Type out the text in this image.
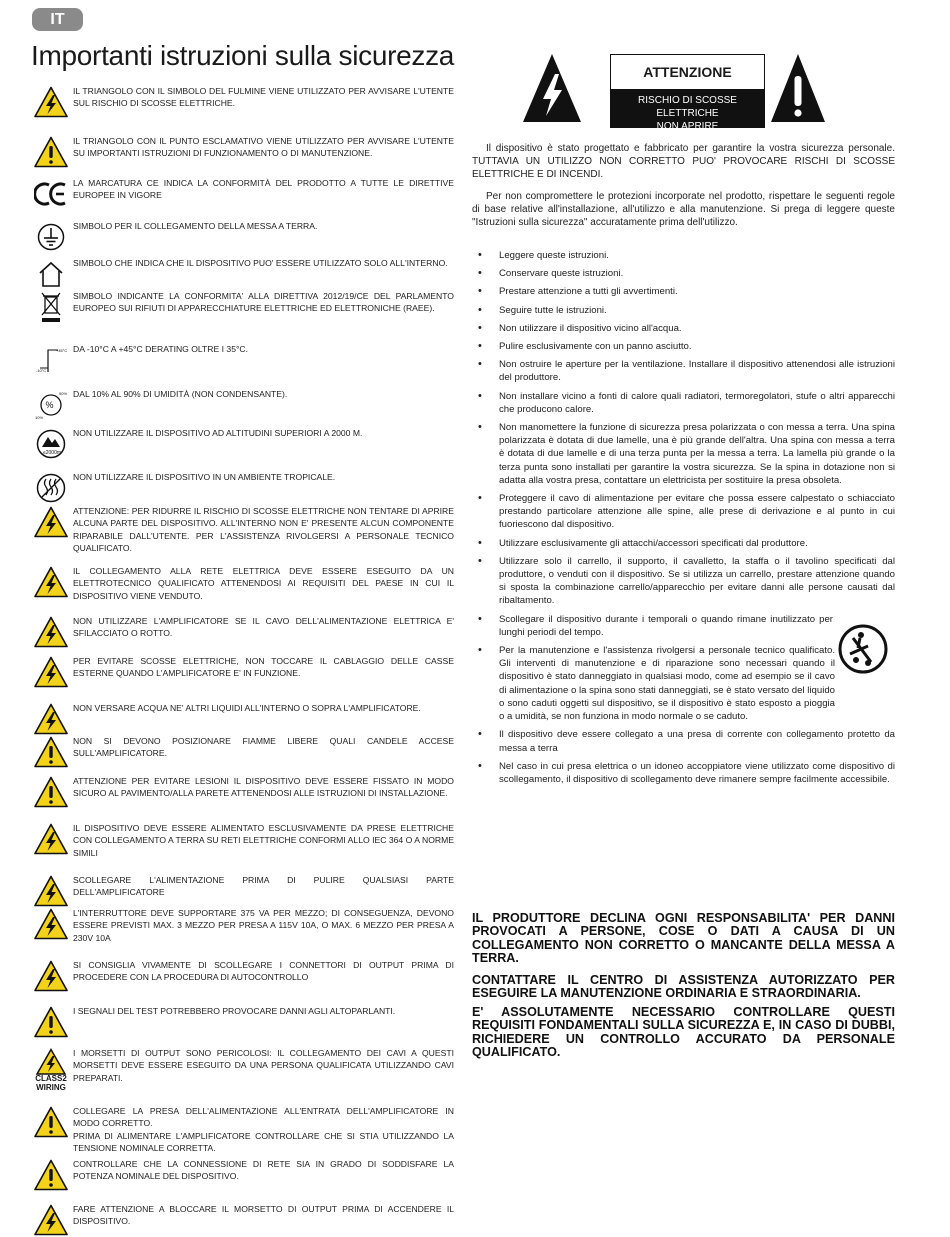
IT
Importanti istruzioni sulla sicurezza
IL TRIANGOLO CON IL SIMBOLO DEL FULMINE VIENE UTILIZZATO PER AVVISARE L'UTENTE SUL RISCHIO DI SCOSSE ELETTRICHE.
IL TRIANGOLO CON IL PUNTO ESCLAMATIVO VIENE UTILIZZATO PER AVVISARE L'UTENTE SU IMPORTANTI ISTRUZIONI DI FUNZIONAMENTO O DI MANUTENZIONE.
LA MARCATURA CE INDICA LA CONFORMITÀ DEL PRODOTTO A TUTTE LE DIRETTIVE EUROPEE IN VIGORE
SIMBOLO PER IL COLLEGAMENTO DELLA MESSA A TERRA.
SIMBOLO CHE INDICA CHE IL DISPOSITIVO PUO' ESSERE UTILIZZATO SOLO ALL'INTERNO.
SIMBOLO INDICANTE LA CONFORMITA' ALLA DIRETTIVA 2012/19/CE DEL PARLAMENTO EUROPEO SUI RIFIUTI DI APPARECCHIATURE ELETTRICHE ED ELETTRONICHE (RAEE).
+45°C
-10°C
DA -10°C A +45°C DERATING OLTRE I 35°C.
%
90%
10%
DAL 10% AL 90% DI UMIDITÀ (NON CONDENSANTE).
≤2000m
NON UTILIZZARE IL DISPOSITIVO AD ALTITUDINI SUPERIORI A 2000 M.
NON UTILIZZARE IL DISPOSITIVO IN UN AMBIENTE TROPICALE.
ATTENZIONE: PER RIDURRE IL RISCHIO DI SCOSSE ELETTRICHE NON TENTARE DI APRIRE ALCUNA PARTE DEL DISPOSITIVO. ALL'INTERNO NON E' PRESENTE ALCUN COMPONENTE RIPARABILE DALL'UTENTE. PER L'ASSISTENZA RIVOLGERSI A PERSONALE TECNICO QUALIFICATO.
IL COLLEGAMENTO ALLA RETE ELETTRICA DEVE ESSERE ESEGUITO DA UN ELETTROTECNICO QUALIFICATO ATTENENDOSI AI REQUISITI DEL PAESE IN CUI IL DISPOSITIVO VIENE VENDUTO.
NON UTILIZZARE L'AMPLIFICATORE SE IL CAVO DELL'ALIMENTAZIONE ELETTRICA E' SFILACCIATO O ROTTO.
PER EVITARE SCOSSE ELETTRICHE, NON TOCCARE IL CABLAGGIO DELLE CASSE ESTERNE QUANDO L'AMPLIFICATORE E' IN FUNZIONE.
NON VERSARE ACQUA NE' ALTRI LIQUIDI ALL'INTERNO O SOPRA L'AMPLIFICATORE.
NON SI DEVONO POSIZIONARE FIAMME LIBERE QUALI CANDELE ACCESE SULL'AMPLIFICATORE.
ATTENZIONE PER EVITARE LESIONI IL DISPOSITIVO DEVE ESSERE FISSATO IN MODO SICURO AL PAVIMENTO/ALLA PARETE ATTENENDOSI ALLE ISTRUZIONI DI INSTALLAZIONE.
IL DISPOSITIVO DEVE ESSERE ALIMENTATO ESCLUSIVAMENTE DA PRESE ELETTRICHE CON COLLEGAMENTO A TERRA SU RETI ELETTRICHE CONFORMI ALLO IEC 364 O A NORME SIMILI
SCOLLEGARE L'ALIMENTAZIONE PRIMA DI PULIRE QUALSIASI PARTE DELL'AMPLIFICATORE
L'INTERRUTTORE DEVE SUPPORTARE 375 VA PER MEZZO; DI CONSEGUENZA, DEVONO ESSERE PREVISTI MAX. 3 MEZZO PER PRESA A 115V 10A, O MAX. 6 MEZZO PER PRESA A 230V 10A
SI CONSIGLIA VIVAMENTE DI SCOLLEGARE I CONNETTORI DI OUTPUT PRIMA DI PROCEDERE CON LA PROCEDURA DI AUTOCONTROLLO
I SEGNALI DEL TEST POTREBBERO PROVOCARE DANNI AGLI ALTOPARLANTI.
CLASS2
WIRING
I MORSETTI DI OUTPUT SONO PERICOLOSI: IL COLLEGAMENTO DEI CAVI A QUESTI MORSETTI DEVE ESSERE ESEGUITO DA UNA PERSONA QUALIFICATA UTILIZZANDO CAVI PREPARATI.
COLLEGARE LA PRESA DELL'ALIMENTAZIONE ALL'ENTRATA DELL'AMPLIFICATORE IN MODO CORRETTO.
PRIMA DI ALIMENTARE L'AMPLIFICATORE CONTROLLARE CHE SI STIA UTILIZZANDO LA TENSIONE NOMINALE CORRETTA.
CONTROLLARE CHE LA CONNESSIONE DI RETE SIA IN GRADO DI SODDISFARE LA POTENZA NOMINALE DEL DISPOSITIVO.
FARE ATTENZIONE A BLOCCARE IL MORSETTO DI OUTPUT PRIMA DI ACCENDERE IL DISPOSITIVO.
ATTENZIONE
RISCHIO DI SCOSSE ELETTRICHE
NON APRIRE

Il dispositivo è stato progettato e fabbricato per garantire la vostra sicurezza personale. TUTTAVIA UN UTILIZZO NON CORRETTO PUO' PROVOCARE RISCHI DI SCOSSE ELETTRICHE E DI INCENDI.

Per non compromettere le protezioni incorporate nel prodotto, rispettare le seguenti regole di base relative all'installazione, all'utilizzo e alla manutenzione. Si prega di leggere queste "Istruzioni sulla sicurezza" accuratamente prima dell'utilizzo.

• Leggere queste istruzioni.
• Conservare queste istruzioni.
• Prestare attenzione a tutti gli avvertimenti.
• Seguire tutte le istruzioni.
• Non utilizzare il dispositivo vicino all'acqua.
• Pulire esclusivamente con un panno asciutto.
• Non ostruire le aperture per la ventilazione. Installare il dispositivo attenendosi alle istruzioni del produttore.
• Non installare vicino a fonti di calore quali radiatori, termoregolatori, stufe o altri apparecchi che producono calore.
• Non manomettere la funzione di sicurezza presa polarizzata o con messa a terra. Una spina polarizzata è dotata di due lamelle, una è più grande dell'altra. Una spina con messa a terra è dotata di due lamelle e di una terza punta per la messa a terra. La lamella più grande o la terza punta sono installati per garantire la vostra sicurezza. Se la spina in dotazione non si adatta alla vostra presa, contattare un elettricista per sostituire la presa obsoleta.
• Proteggere il cavo di alimentazione per evitare che possa essere calpestato o schiacciato prestando particolare attenzione alle spine, alle prese di derivazione e al punto in cui fuoriescono dal dispositivo.
• Utilizzare esclusivamente gli attacchi/accessori specificati dal produttore.
• Utilizzare solo il carrello, il supporto, il cavalletto, la staffa o il tavolino specificati dal produttore, o venduti con il dispositivo. Se si utilizza un carrello, prestare attenzione quando si sposta la combinazione carrello/apparecchio per evitare danni alle persone causati dal ribaltamento.
• Scollegare il dispositivo durante i temporali o quando rimane inutilizzato per lunghi periodi del tempo.
• Per la manutenzione e l'assistenza rivolgersi a personale tecnico qualificato. Gli interventi di manutenzione e di riparazione sono necessari quando il dispositivo è stato danneggiato in qualsiasi modo, come ad esempio se il cavo di alimentazione o la spina sono stati danneggiati, se è stato versato del liquido o sono caduti oggetti sul dispositivo, se il dispositivo è stato esposto a pioggia o a umidità, se non funziona in modo normale o se caduto.
• Il dispositivo deve essere collegato a una presa di corrente con collegamento protetto da messa a terra
• Nel caso in cui presa elettrica o un idoneo accoppiatore viene utilizzato come dispositivo di scollegamento, il dispositivo di scollegamento deve rimanere sempre facilmente accessibile.

IL PRODUTTORE DECLINA OGNI RESPONSABILITA' PER DANNI PROVOCATI A PERSONE, COSE O DATI A CAUSA DI UN COLLEGAMENTO NON CORRETTO O MANCANTE DELLA MESSA A TERRA.

CONTATTARE IL CENTRO DI ASSISTENZA AUTORIZZATO PER ESEGUIRE LA MANUTENZIONE ORDINARIA E STRAORDINARIA.

E' ASSOLUTAMENTE NECESSARIO CONTROLLARE QUESTI REQUISITI FONDAMENTALI SULLA SICUREZZA E, IN CASO DI DUBBI, RICHIEDERE UN CONTROLLO ACCURATO DA PERSONALE QUALIFICATO.
